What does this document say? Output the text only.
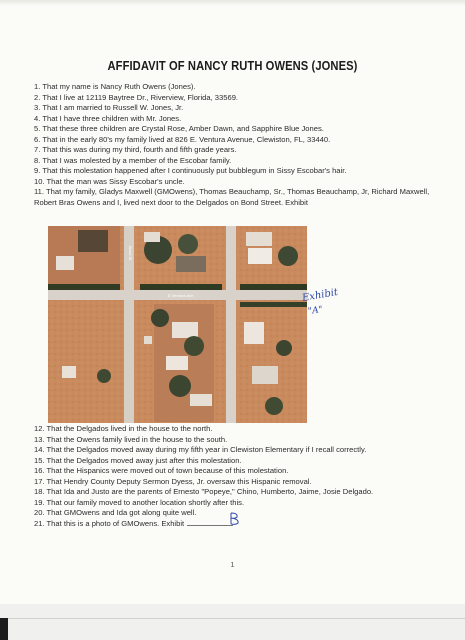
AFFIDAVIT OF NANCY RUTH OWENS (JONES)
1. That my name is Nancy Ruth Owens (Jones).
2. That I live at 12119 Baytree Dr., Riverview, Florida, 33569.
3. That I am married to Russell W. Jones, Jr.
4. That I have three children with Mr. Jones.
5. That these three children are Crystal Rose, Amber Dawn, and Sapphire Blue Jones.
6. That in the early 80's my family lived at 826 E. Ventura Avenue, Clewiston, FL, 33440.
7. That this was during my third, fourth and fifth grade years.
8. That I was molested by a member of the Escobar family.
9. That this molestation happened after I continuously put bubblegum in Sissy Escobar's hair.
10. That the man was Sissy Escobar's uncle.
11. That my family, Gladys Maxwell (GMOwens), Thomas Beauchamp, Sr., Thomas Beauchamp, Jr, Richard Maxwell, Robert Bras Owens and I, lived next door to the Delgados on Bond Street. Exhibit
Bond St
E Ventura Ave	Exhibit
"A"
12. That the Delgados lived in the house to the north.
13. That the Owens family lived in the house to the south.
14. That the Delgados moved away during my fifth year in Clewiston Elementary if I recall correctly.
15. That the Delgados moved away just after this molestation.
16. That the Hispanics were moved out of town because of this molestation.
17. That Hendry County Deputy Sermon Dyess, Jr. oversaw this Hispanic removal.
18. That Ida and Justo are the parents of Ernesto "Popeye," Chino, Humberto, Jaime, Josie Delgado.
19. That our family moved to another location shortly after this.
20. That GMOwens and Ida got along quite well.
21. That this is a photo of GMOwens. Exhibit
1
